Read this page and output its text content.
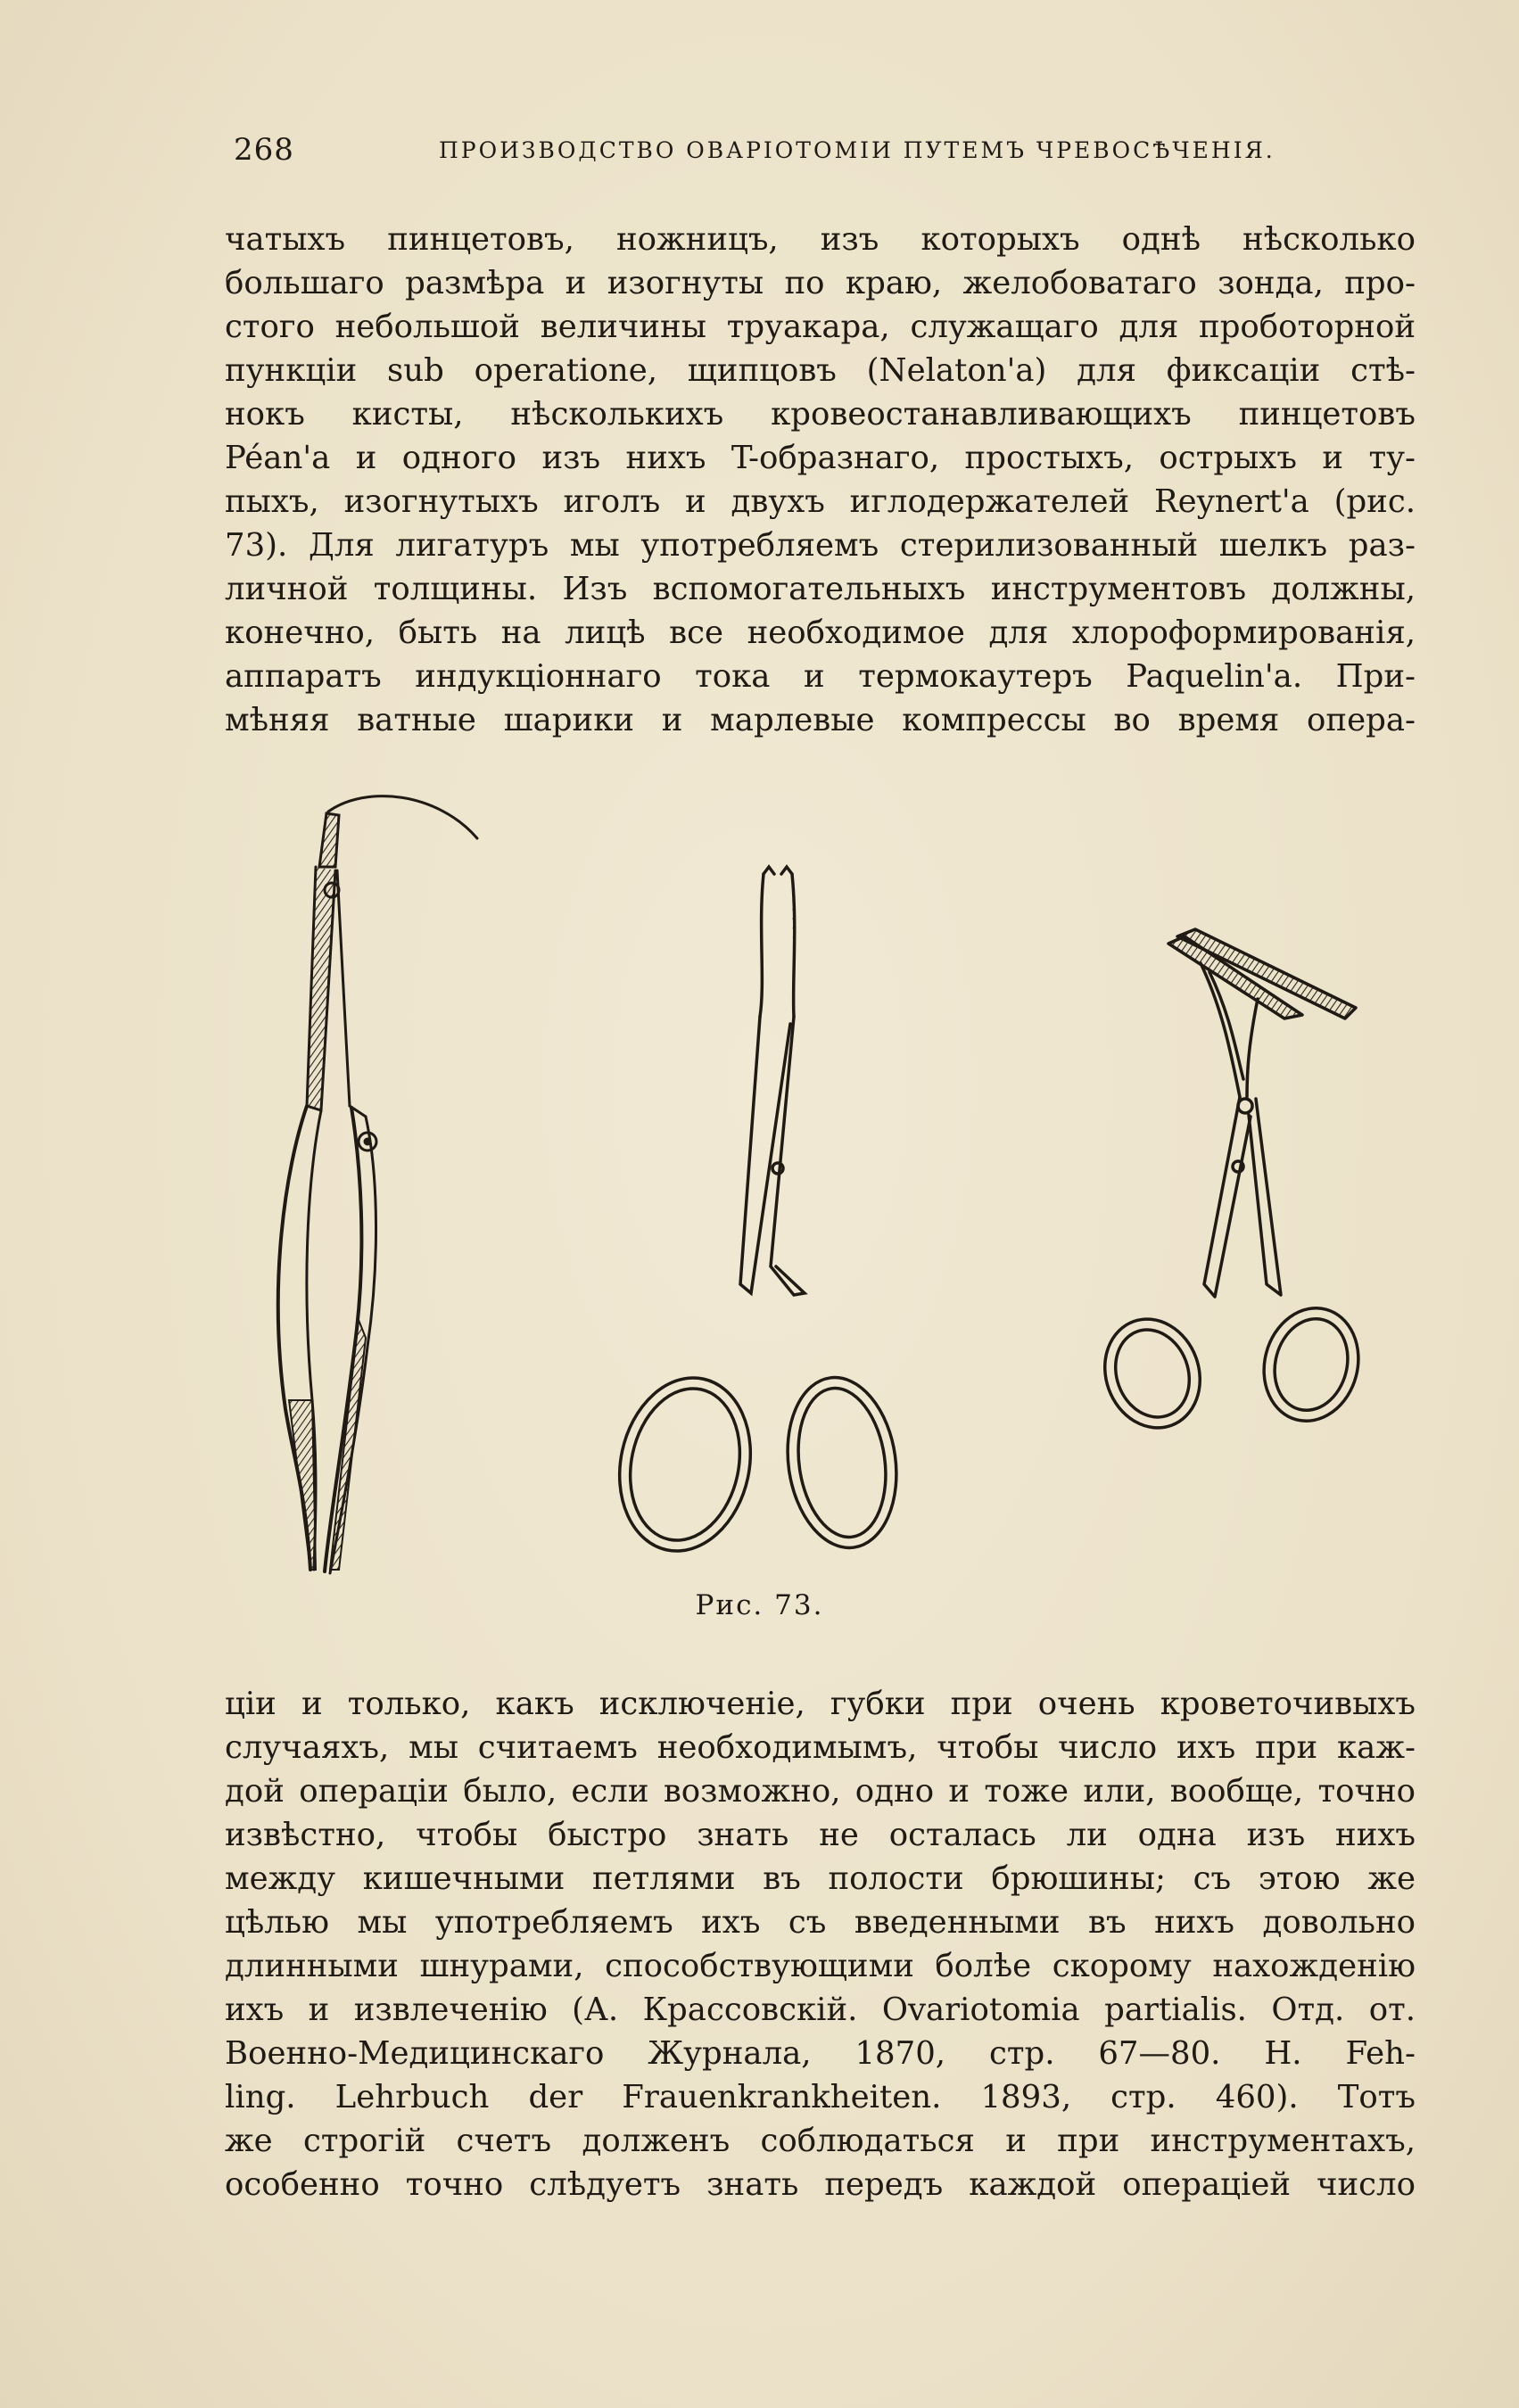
268	ПРОИЗВОДСТВО ОВАРІОТОМІИ ПУТЕМЪ ЧРЕВОСѢЧЕНІЯ.
чатыхъ пинцетовъ, ножницъ, изъ которыхъ однѣ нѣсколько
большаго размѣра и изогнуты по краю, желобоватаго зонда, про-
стого небольшой величины труакара, служащаго для проботорной
пункціи sub operatione, щипцовъ (Nelaton'а) для фиксаціи стѣ-
нокъ кисты, нѣсколькихъ кровеостанавливающихъ пинцетовъ
Péan'а и одного изъ нихъ T-образнаго, простыхъ, острыхъ и ту-
пыхъ, изогнутыхъ иголъ и двухъ иглодержателей Reynert'а (рис.
73). Для лигатуръ мы употребляемъ стерилизованный шелкъ раз-
личной толщины. Изъ вспомогательныхъ инструментовъ должны,
конечно, быть на лицѣ все необходимое для хлороформированія,
аппаратъ индукціоннаго тока и термокаутеръ Paquelin'а. При-
мѣняя ватные шарики и марлевые компрессы во время опера-
Рис. 73.
ціи и только, какъ исключеніе, губки при очень кроветочивыхъ
случаяхъ, мы считаемъ необходимымъ, чтобы число ихъ при каж-
дой операціи было, если возможно, одно и тоже или, вообще, точно
извѣстно, чтобы быстро знать не осталась ли одна изъ нихъ
между кишечными петлями въ полости брюшины; съ этою же
цѣлью мы употребляемъ ихъ съ введенными въ нихъ довольно
длинными шнурами, способствующими болѣе скорому нахожденію
ихъ и извлеченію (А. Крассовскій. Ovariotomia partialis. Отд. от.
Военно-Медицинскаго Журнала, 1870, стр. 67—80. H. Feh-
ling. Lehrbuch der Frauenkrankheiten. 1893, стр. 460). Тотъ
же строгій счетъ долженъ соблюдаться и при инструментахъ,
особенно точно слѣдуетъ знать передъ каждой операціей число
